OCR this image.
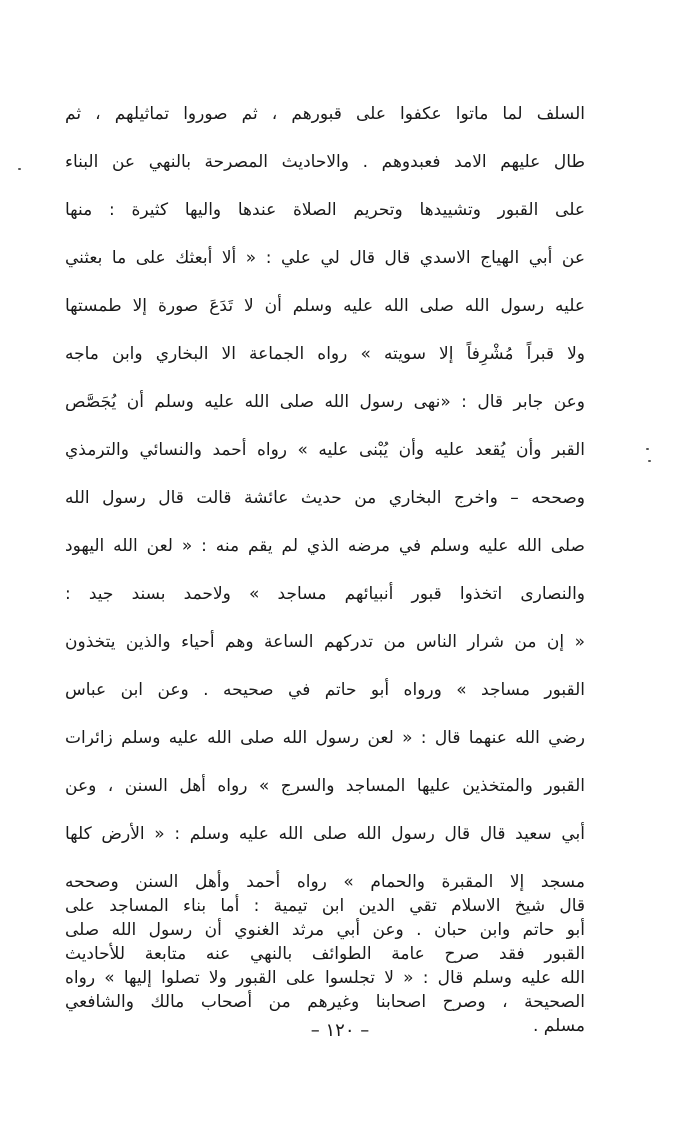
السلف لما ماتوا عكفوا على قبورهم ، ثم صوروا تماثيلهم ، ثم
طال عليهم الامد فعبدوهم . والاحاديث المصرحة بالنهي عن البناء
على القبور وتشييدها وتحريم الصلاة عندها واليها كثيرة : منها
عن أبي الهياج الاسدي قال قال لي علي : « ألا أبعثك على ما بعثني
عليه رسول الله صلى الله عليه وسلم أن لا تَدَعَ صورة إلا طمستها
ولا قبراً مُشْرِفاً إلا سويته » رواه الجماعة الا البخاري وابن ماجه
وعن جابر قال : «نهى رسول الله صلى الله عليه وسلم أن يُجَصَّص
القبر وأن يُقعد عليه وأن يُبْنى عليه » رواه أحمد والنسائي والترمذي
وصححه – واخرج البخاري من حديث عائشة قالت قال رسول الله
صلى الله عليه وسلم في مرضه الذي لم يقم منه : « لعن الله اليهود
والنصارى اتخذوا قبور أنبيائهم مساجد » ولاحمد بسند جيد :
« إن من شرار الناس من تدركهم الساعة وهم أحياء والذين يتخذون
القبور مساجد » ورواه أبو حاتم في صحيحه . وعن ابن عباس
رضي الله عنهما قال : « لعن رسول الله صلى الله عليه وسلم زائرات
القبور والمتخذين عليها المساجد والسرج » رواه أهل السنن ، وعن
أبي سعيد قال قال رسول الله صلى الله عليه وسلم : « الأرض كلها
مسجد إلا المقبرة والحمام » رواه أحمد وأهل السنن وصححه
أبو حاتم وابن حبان . وعن أبي مرثد الغنوي أن رسول الله صلى
الله عليه وسلم قال : « لا تجلسوا على القبور ولا تصلوا إليها » رواه
مسلم .
قال شيخ الاسلام تقي الدين ابن تيمية : أما بناء المساجد على
القبور فقد صرح عامة الطوائف بالنهي عنه متابعة للأحاديث
الصحيحة ، وصرح اصحابنا وغيرهم من أصحاب مالك والشافعي
– ١٢٠ –
